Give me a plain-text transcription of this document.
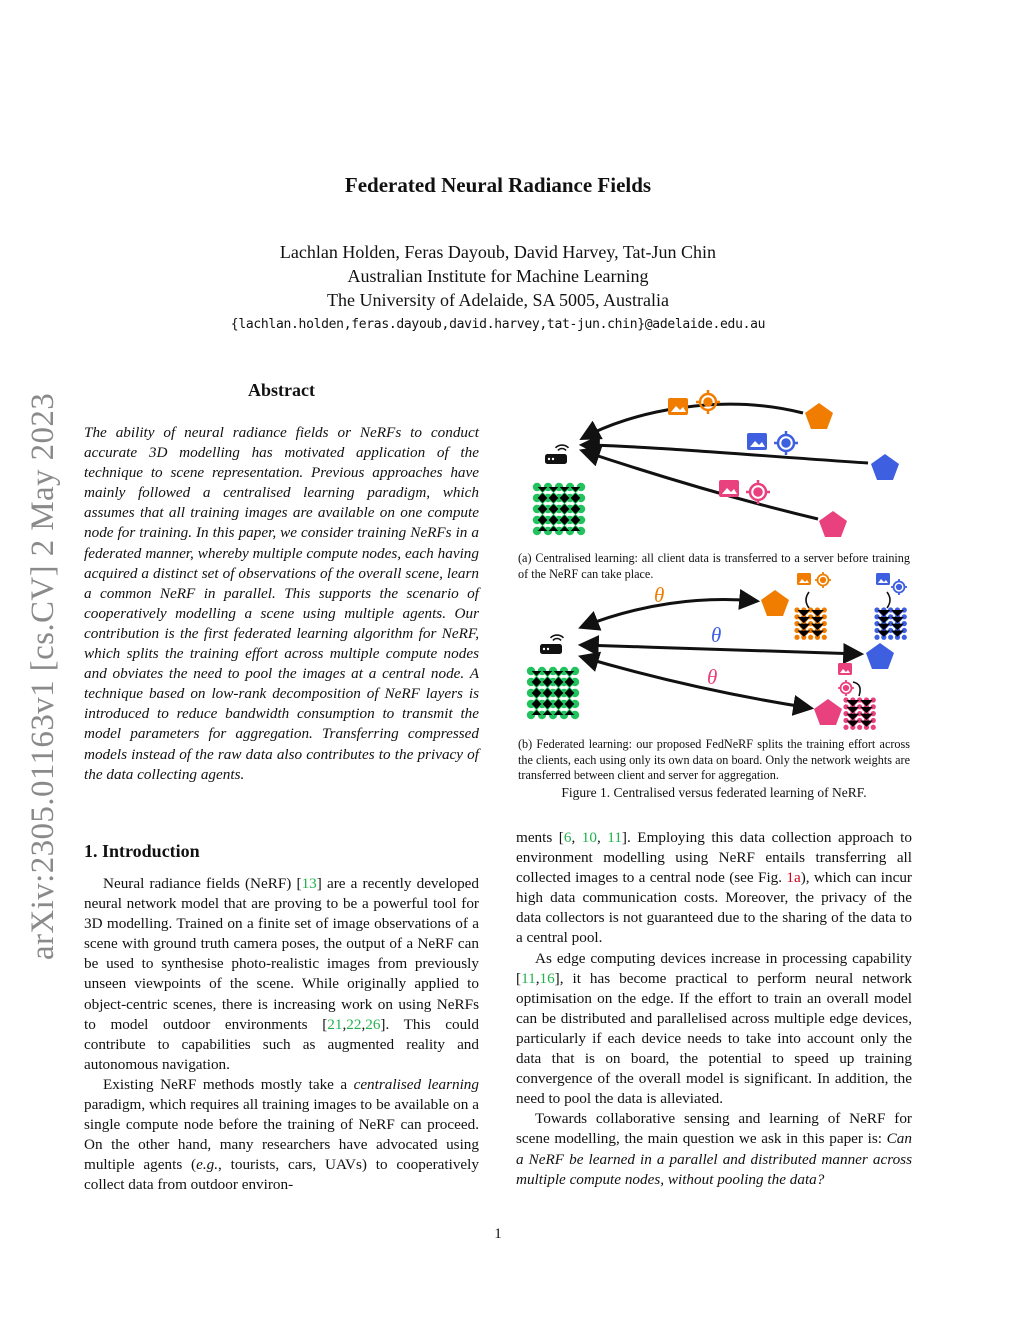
Federated Neural Radiance Fields
Lachlan Holden, Feras Dayoub, David Harvey, Tat-Jun Chin
Australian Institute for Machine Learning
The University of Adelaide, SA 5005, Australia
{lachlan.holden,feras.dayoub,david.harvey,tat-jun.chin}@adelaide.edu.au
arXiv:2305.01163v1 [cs.CV] 2 May 2023
Abstract
The ability of neural radiance fields or NeRFs to conduct accurate 3D modelling has motivated application of the technique to scene representation. Previous approaches have mainly followed a centralised learning paradigm, which assumes that all training images are available on one compute node for training. In this paper, we consider training NeRFs in a federated manner, whereby multiple compute nodes, each having acquired a distinct set of observations of the overall scene, learn a common NeRF in parallel. This supports the scenario of cooperatively modelling a scene using multiple agents. Our contribution is the first federated learning algorithm for NeRF, which splits the training effort across multiple compute nodes and obviates the need to pool the images at a central node. A technique based on low-rank decomposition of NeRF layers is introduced to reduce bandwidth consumption to transmit the model parameters for aggregation. Transferring compressed models instead of the raw data also contributes to the privacy of the data collecting agents.
θ
θ
θ
(a) Centralised learning: all client data is transferred to a server before training of the NeRF can take place.
(b) Federated learning: our proposed FedNeRF splits the training effort across the clients, each using only its own data on board. Only the network weights are transferred between client and server for aggregation.
Figure 1. Centralised versus federated learning of NeRF.
1. Introduction

Neural radiance fields (NeRF) [13] are a recently developed neural network model that are proving to be a powerful tool for 3D modelling. Trained on a finite set of image observations of a scene with ground truth camera poses, the output of a NeRF can be used to synthesise photo-realistic images from previously unseen viewpoints of the scene. While originally applied to object-centric scenes, there is increasing work on using NeRFs to model outdoor environments [21,22,26]. This could contribute to capabilities such as augmented reality and autonomous navigation.

Existing NeRF methods mostly take a centralised learning paradigm, which requires all training images to be available on a single compute node before the training of NeRF can proceed. On the other hand, many researchers have advocated using multiple agents (e.g., tourists, cars, UAVs) to cooperatively collect data from outdoor environ-

ments [6, 10, 11]. Employing this data collection approach to environment modelling using NeRF entails transferring all collected images to a central node (see Fig. 1a), which can incur high data communication costs. Moreover, the privacy of the data collectors is not guaranteed due to the sharing of the data to a central pool.

As edge computing devices increase in processing capability [11,16], it has become practical to perform neural network optimisation on the edge. If the effort to train an overall model can be distributed and parallelised across multiple edge devices, particularly if each device needs to take into account only the data that is on board, the potential to speed up training convergence of the overall model is significant. In addition, the need to pool the data is alleviated.

Towards collaborative sensing and learning of NeRF for scene modelling, the main question we ask in this paper is: Can a NeRF be learned in a parallel and distributed manner across multiple compute nodes, without pooling the data?

1
